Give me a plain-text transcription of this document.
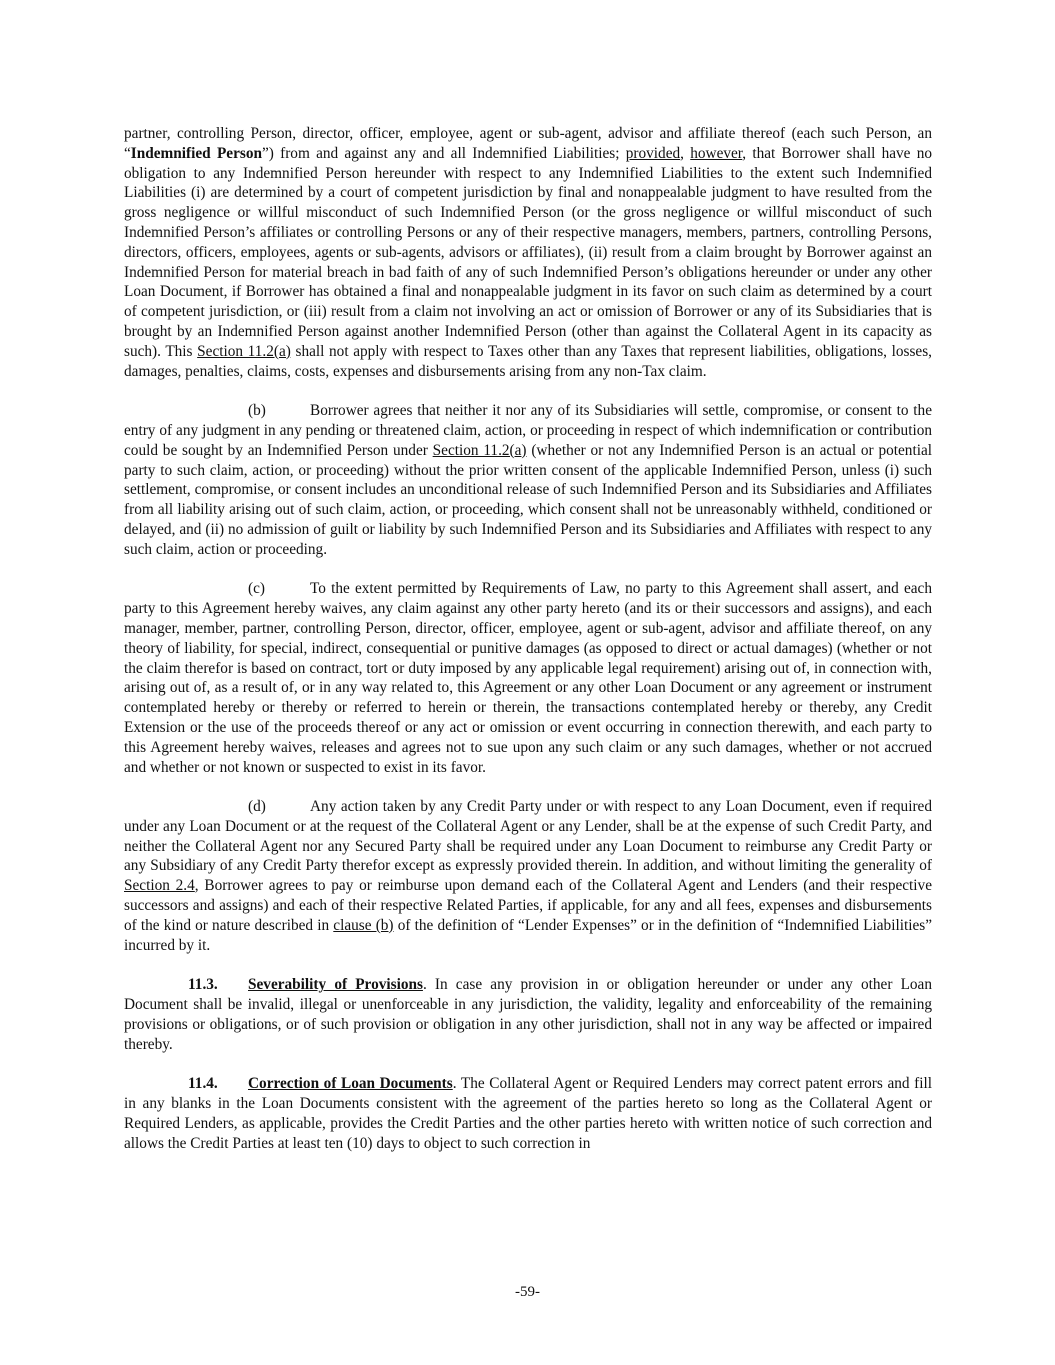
partner, controlling Person, director, officer, employee, agent or sub-agent, advisor and affiliate thereof (each such Person, an “Indemnified Person”) from and against any and all Indemnified Liabilities; provided, however, that Borrower shall have no obligation to any Indemnified Person hereunder with respect to any Indemnified Liabilities to the extent such Indemnified Liabilities (i) are determined by a court of competent jurisdiction by final and nonappealable judgment to have resulted from the gross negligence or willful misconduct of such Indemnified Person (or the gross negligence or willful misconduct of such Indemnified Person’s affiliates or controlling Persons or any of their respective managers, members, partners, controlling Persons, directors, officers, employees, agents or sub-agents, advisors or affiliates), (ii) result from a claim brought by Borrower against an Indemnified Person for material breach in bad faith of any of such Indemnified Person’s obligations hereunder or under any other Loan Document, if Borrower has obtained a final and nonappealable judgment in its favor on such claim as determined by a court of competent jurisdiction, or (iii) result from a claim not involving an act or omission of Borrower or any of its Subsidiaries that is brought by an Indemnified Person against another Indemnified Person (other than against the Collateral Agent in its capacity as such). This Section 11.2(a) shall not apply with respect to Taxes other than any Taxes that represent liabilities, obligations, losses, damages, penalties, claims, costs, expenses and disbursements arising from any non-Tax claim.

(b)	Borrower agrees that neither it nor any of its Subsidiaries will settle, compromise, or consent to the entry of any judgment in any pending or threatened claim, action, or proceeding in respect of which indemnification or contribution could be sought by an Indemnified Person under Section 11.2(a) (whether or not any Indemnified Person is an actual or potential party to such claim, action, or proceeding) without the prior written consent of the applicable Indemnified Person, unless (i) such settlement, compromise, or consent includes an unconditional release of such Indemnified Person and its Subsidiaries and Affiliates from all liability arising out of such claim, action, or proceeding, which consent shall not be unreasonably withheld, conditioned or delayed, and (ii) no admission of guilt or liability by such Indemnified Person and its Subsidiaries and Affiliates with respect to any such claim, action or proceeding.

(c)	To the extent permitted by Requirements of Law, no party to this Agreement shall assert, and each party to this Agreement hereby waives, any claim against any other party hereto (and its or their successors and assigns), and each manager, member, partner, controlling Person, director, officer, employee, agent or sub-agent, advisor and affiliate thereof, on any theory of liability, for special, indirect, consequential or punitive damages (as opposed to direct or actual damages) (whether or not the claim therefor is based on contract, tort or duty imposed by any applicable legal requirement) arising out of, in connection with, arising out of, as a result of, or in any way related to, this Agreement or any other Loan Document or any agreement or instrument contemplated hereby or thereby or referred to herein or therein, the transactions contemplated hereby or thereby, any Credit Extension or the use of the proceeds thereof or any act or omission or event occurring in connection therewith, and each party to this Agreement hereby waives, releases and agrees not to sue upon any such claim or any such damages, whether or not accrued and whether or not known or suspected to exist in its favor.

(d)	Any action taken by any Credit Party under or with respect to any Loan Document, even if required under any Loan Document or at the request of the Collateral Agent or any Lender, shall be at the expense of such Credit Party, and neither the Collateral Agent nor any Secured Party shall be required under any Loan Document to reimburse any Credit Party or any Subsidiary of any Credit Party therefor except as expressly provided therein. In addition, and without limiting the generality of Section 2.4, Borrower agrees to pay or reimburse upon demand each of the Collateral Agent and Lenders (and their respective successors and assigns) and each of their respective Related Parties, if applicable, for any and all fees, expenses and disbursements of the kind or nature described in clause (b) of the definition of “Lender Expenses” or in the definition of “Indemnified Liabilities” incurred by it.

11.3. Severability of Provisions. In case any provision in or obligation hereunder or under any other Loan Document shall be invalid, illegal or unenforceable in any jurisdiction, the validity, legality and enforceability of the remaining provisions or obligations, or of such provision or obligation in any other jurisdiction, shall not in any way be affected or impaired thereby.

11.4. Correction of Loan Documents. The Collateral Agent or Required Lenders may correct patent errors and fill in any blanks in the Loan Documents consistent with the agreement of the parties hereto so long as the Collateral Agent or Required Lenders, as applicable, provides the Credit Parties and the other parties hereto with written notice of such correction and allows the Credit Parties at least ten (10) days to object to such correction in

-59-
